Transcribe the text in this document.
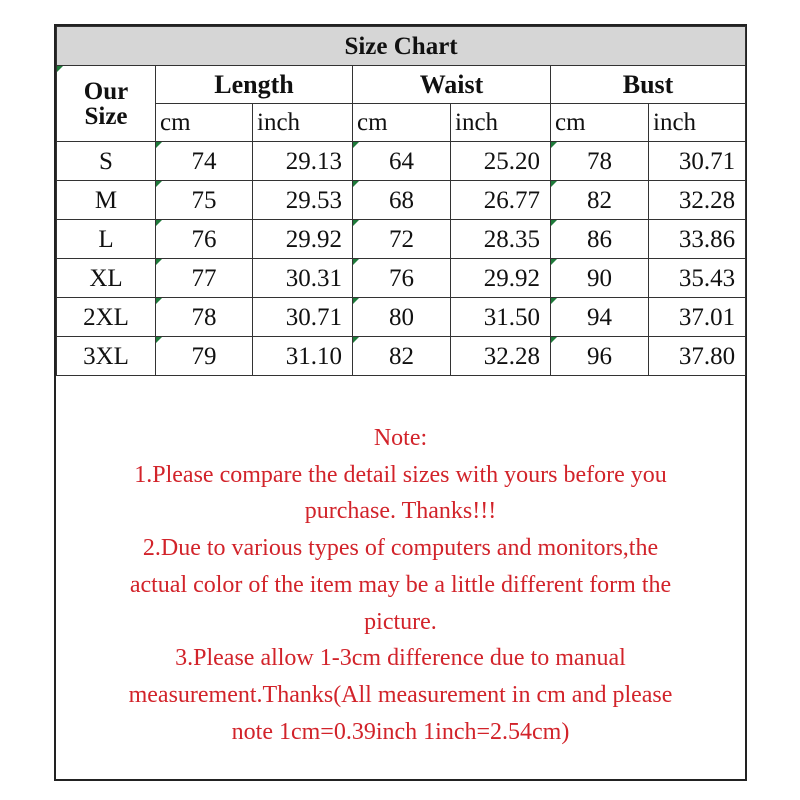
Size Chart						

Our
Size	Length		Waist		Bust	
	cm	inch	cm	inch	cm	inch
S	74	29.13	64	25.20	78	30.71
M	75	29.53	68	26.77	82	32.28
L	76	29.92	72	28.35	86	33.86
XL	77	30.31	76	29.92	90	35.43
2XL	78	30.71	80	31.50	94	37.01
3XL	79	31.10	82	32.28	96	37.80
Note:
1.Please compare the detail sizes with yours before you
purchase. Thanks!!!
2.Due to various types of computers and monitors,the
actual color of the item may be a little different form the
picture.
3.Please allow 1-3cm difference due to manual
measurement.Thanks(All measurement in cm and please
note 1cm=0.39inch 1inch=2.54cm)
